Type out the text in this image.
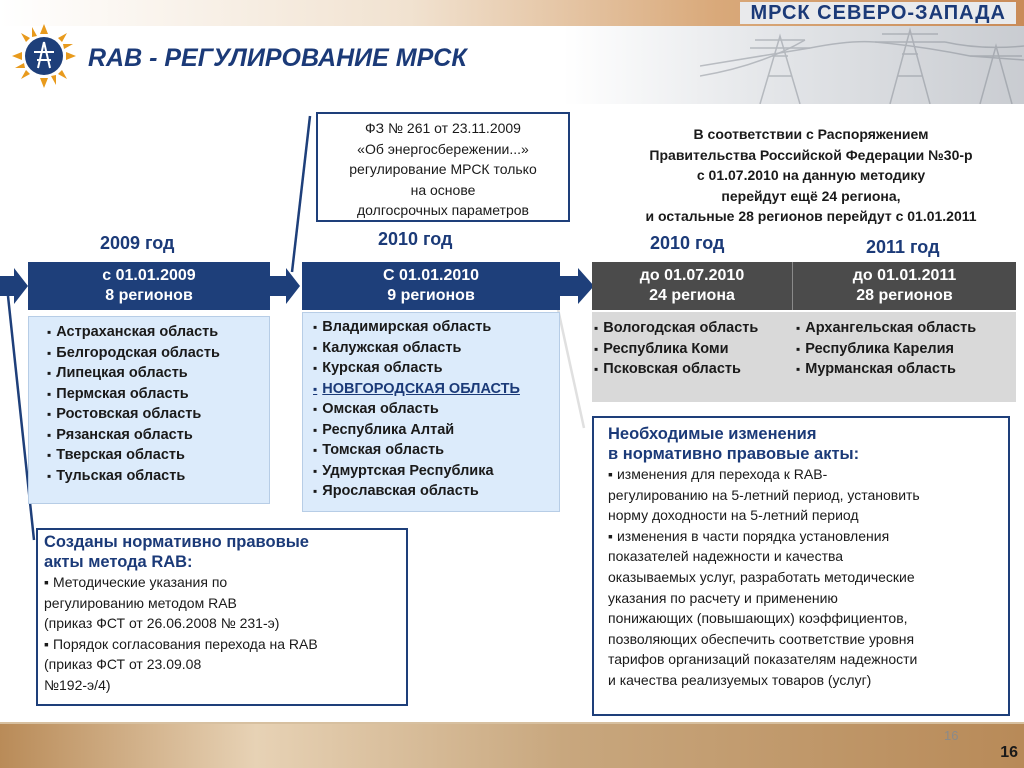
МРСК СЕВЕРО-ЗАПАДА
RAB - РЕГУЛИРОВАНИЕ МРСК
2009 год	2010 год	2010 год	2011 год
ФЗ № 261 от 23.11.2009
«Об энергосбережении...»
регулирование МРСК только
на основе
долгосрочных параметров
В соответствии с Распоряжением
Правительства Российской Федерации №30-р
с 01.07.2010 на данную методику
перейдут ещё 24 региона,
и остальные 28 регионов перейдут с 01.01.2011
с 01.01.2009
8 регионов
▪ Астраханская область
▪ Белгородская область
▪ Липецкая область
▪ Пермская область
▪ Ростовская область
▪ Рязанская область
▪ Тверская область
▪ Тульская область
С 01.01.2010
9 регионов
▪ Владимирская область
▪ Калужская область
▪ Курская область
▪ НОВГОРОДСКАЯ ОБЛАСТЬ
▪ Омская область
▪ Республика Алтай
▪ Томская область
▪ Удмуртская Республика
▪ Ярославская область
до 01.07.2010
24 региона
▪ Вологодская область
▪ Республика Коми
▪ Псковская область
до 01.01.2011
28 регионов
▪ Архангельская область
▪ Республика Карелия
▪ Мурманская область
Созданы нормативно правовые
акты метода RAB:
▪ Методические указания по
регулированию методом RAB
(приказ ФСТ от 26.06.2008 № 231-э)
▪ Порядок согласования перехода на RAB
(приказ ФСТ от 23.09.08
№192-э/4)
Необходимые изменения
в нормативно правовые акты:
▪ изменения для перехода к RAB-
регулированию на 5-летний период, установить
норму доходности на 5-летний период
▪ изменения в части порядка установления
показателей надежности и качества
оказываемых услуг, разработать методические
указания по расчету и применению
понижающих (повышающих) коэффициентов,
позволяющих обеспечить соответствие уровня
тарифов организаций показателям надежности
и качества реализуемых товаров (услуг)
16
16
